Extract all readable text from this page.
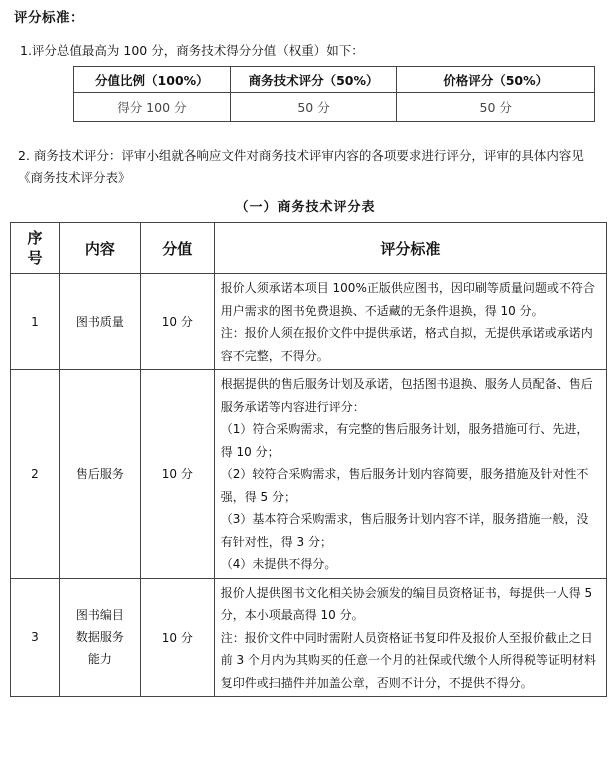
评分标准：
1.评分总值最高为 100 分，商务技术得分分值（权重）如下：
分值比例（100%）	商务技术评分（50%）	价格评分（50%）
得分 100 分	50 分	50 分
2. 商务技术评分：评审小组就各响应文件对商务技术评审内容的各项要求进行评分，评审的具体内容见《商务技术评分表》
（一）商务技术评分表
序号	内容	分值	评分标准
1	图书质量	10 分	报价人须承诺本项目 100%正版供应图书，因印刷等质量问题或不符合用户需求的图书免费退换、不适藏的无条件退换，得 10 分。

注：报价人须在报价文件中提供承诺，格式自拟，无提供承诺或承诺内容不完整，不得分。

2	售后服务	10 分	根据提供的售后服务计划及承诺，包括图书退换、服务人员配备、售后服务承诺等内容进行评分：

（1）符合采购需求，有完整的售后服务计划，服务措施可行、先进，得 10 分；

（2）较符合采购需求，售后服务计划内容简要，服务措施及针对性不强，得 5 分；

（3）基本符合采购需求，售后服务计划内容不详，服务措施一般，没有针对性，得 3 分；

（4）未提供不得分。

3	图书编目数据服务能力	10 分	报价人提供图书文化相关协会颁发的编目员资格证书，每提供一人得 5 分，本小项最高得 10 分。

注：报价文件中同时需附人员资格证书复印件及报价人至报价截止之日前 3 个月内为其购买的任意一个月的社保或代缴个人所得税等证明材料复印件或扫描件并加盖公章，否则不计分，不提供不得分。
